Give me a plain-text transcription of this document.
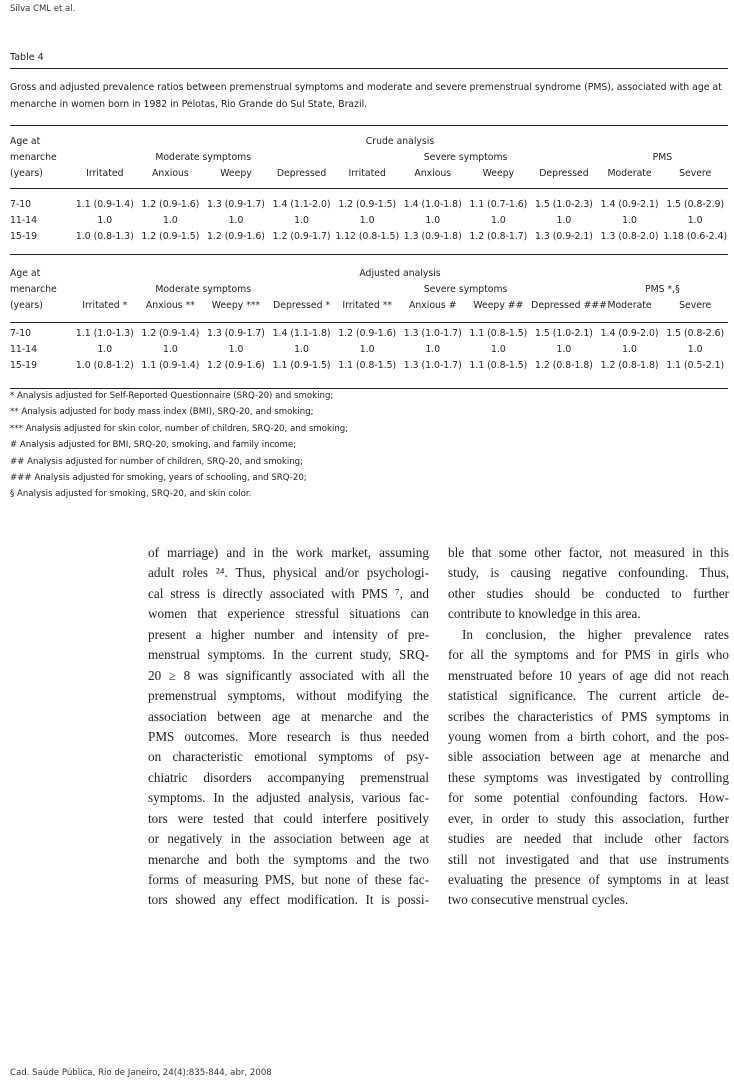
Silva CML et al.
Table 4
Gross and adjusted prevalence ratios between premenstrual symptoms and moderate and severe premenstrual syndrome (PMS), associated with age at menarche in women born in 1982 in Pelotas, Rio Grande do Sul State, Brazil.
Age at	Crude analysis									
menarche	Moderate symptoms				Severe symptoms				PMS	
(years)	Irritated	Anxious	Weepy	Depressed	Irritated	Anxious	Weepy	Depressed	Moderate	Severe

7-10	1.1 (0.9-1.4)	1.2 (0.9-1.6)	1.3 (0.9-1.7)	1.4 (1.1-2.0)	1.2 (0.9-1.5)	1.4 (1.0-1.8)	1.1 (0.7-1.6)	1.5 (1.0-2.3)	1.4 (0.9-2.1)	1.5 (0.8-2.9)
11-14	1.0	1.0	1.0	1.0	1.0	1.0	1.0	1.0	1.0	1.0
15-19	1.0 (0.8-1.3)	1.2 (0.9-1.5)	1.2 (0.9-1.6)	1.2 (0.9-1.7)	1.12 (0.8-1.5)	1.3 (0.9-1.8)	1.2 (0.8-1.7)	1.3 (0.9-2.1)	1.3 (0.8-2.0)	1.18 (0.6-2.4)
Age at	Adjusted analysis									
menarche	Moderate symptoms				Severe symptoms				PMS *,§	
(years)	Irritated *	Anxious **	Weepy ***	Depressed *	Irritated **	Anxious #	Weepy ##	Depressed ###	Moderate	Severe

7-10	1.1 (1.0-1.3)	1.2 (0.9-1.4)	1.3 (0.9-1.7)	1.4 (1.1-1.8)	1.2 (0.9-1.6)	1.3 (1.0-1.7)	1.1 (0.8-1.5)	1.5 (1.0-2.1)	1.4 (0.9-2.0)	1.5 (0.8-2.6)
11-14	1.0	1.0	1.0	1.0	1.0	1.0	1.0	1.0	1.0	1.0
15-19	1.0 (0.8-1.2)	1.1 (0.9-1.4)	1.2 (0.9-1.6)	1.1 (0.9-1.5)	1.1 (0.8-1.5)	1.3 (1.0-1.7)	1.1 (0.8-1.5)	1.2 (0.8-1.8)	1.2 (0.8-1.8)	1.1 (0.5-2.1)
* Analysis adjusted for Self-Reported Questionnaire (SRQ-20) and smoking;
** Analysis adjusted for body mass index (BMI), SRQ-20, and smoking;
*** Analysis adjusted for skin color, number of children, SRQ-20, and smoking;
# Analysis adjusted for BMI, SRQ-20, smoking, and family income;
## Analysis adjusted for number of children, SRQ-20, and smoking;
### Analysis adjusted for smoking, years of schooling, and SRQ-20;
§ Analysis adjusted for smoking, SRQ-20, and skin color.
of marriage) and in the work market, assuming
adult roles ²⁴. Thus, physical and/or psychologi-
cal stress is directly associated with PMS ⁷, and
women that experience stressful situations can
present a higher number and intensity of pre-
menstrual symptoms. In the current study, SRQ-
20 ≥ 8 was significantly associated with all the
premenstrual symptoms, without modifying the
association between age at menarche and the
PMS outcomes. More research is thus needed
on characteristic emotional symptoms of psy-
chiatric disorders accompanying premenstrual
symptoms. In the adjusted analysis, various fac-
tors were tested that could interfere positively
or negatively in the association between age at
menarche and both the symptoms and the two
forms of measuring PMS, but none of these fac-
tors showed any effect modification. It is possi-
ble that some other factor, not measured in this
study, is causing negative confounding. Thus,
other studies should be conducted to further
contribute to knowledge in this area.
In conclusion, the higher prevalence rates
for all the symptoms and for PMS in girls who
menstruated before 10 years of age did not reach
statistical significance. The current article de-
scribes the characteristics of PMS symptoms in
young women from a birth cohort, and the pos-
sible association between age at menarche and
these symptoms was investigated by controlling
for some potential confounding factors. How-
ever, in order to study this association, further
studies are needed that include other factors
still not investigated and that use instruments
evaluating the presence of symptoms in at least
two consecutive menstrual cycles.
Cad. Saúde Pública, Rio de Janeiro, 24(4):835-844, abr, 2008
